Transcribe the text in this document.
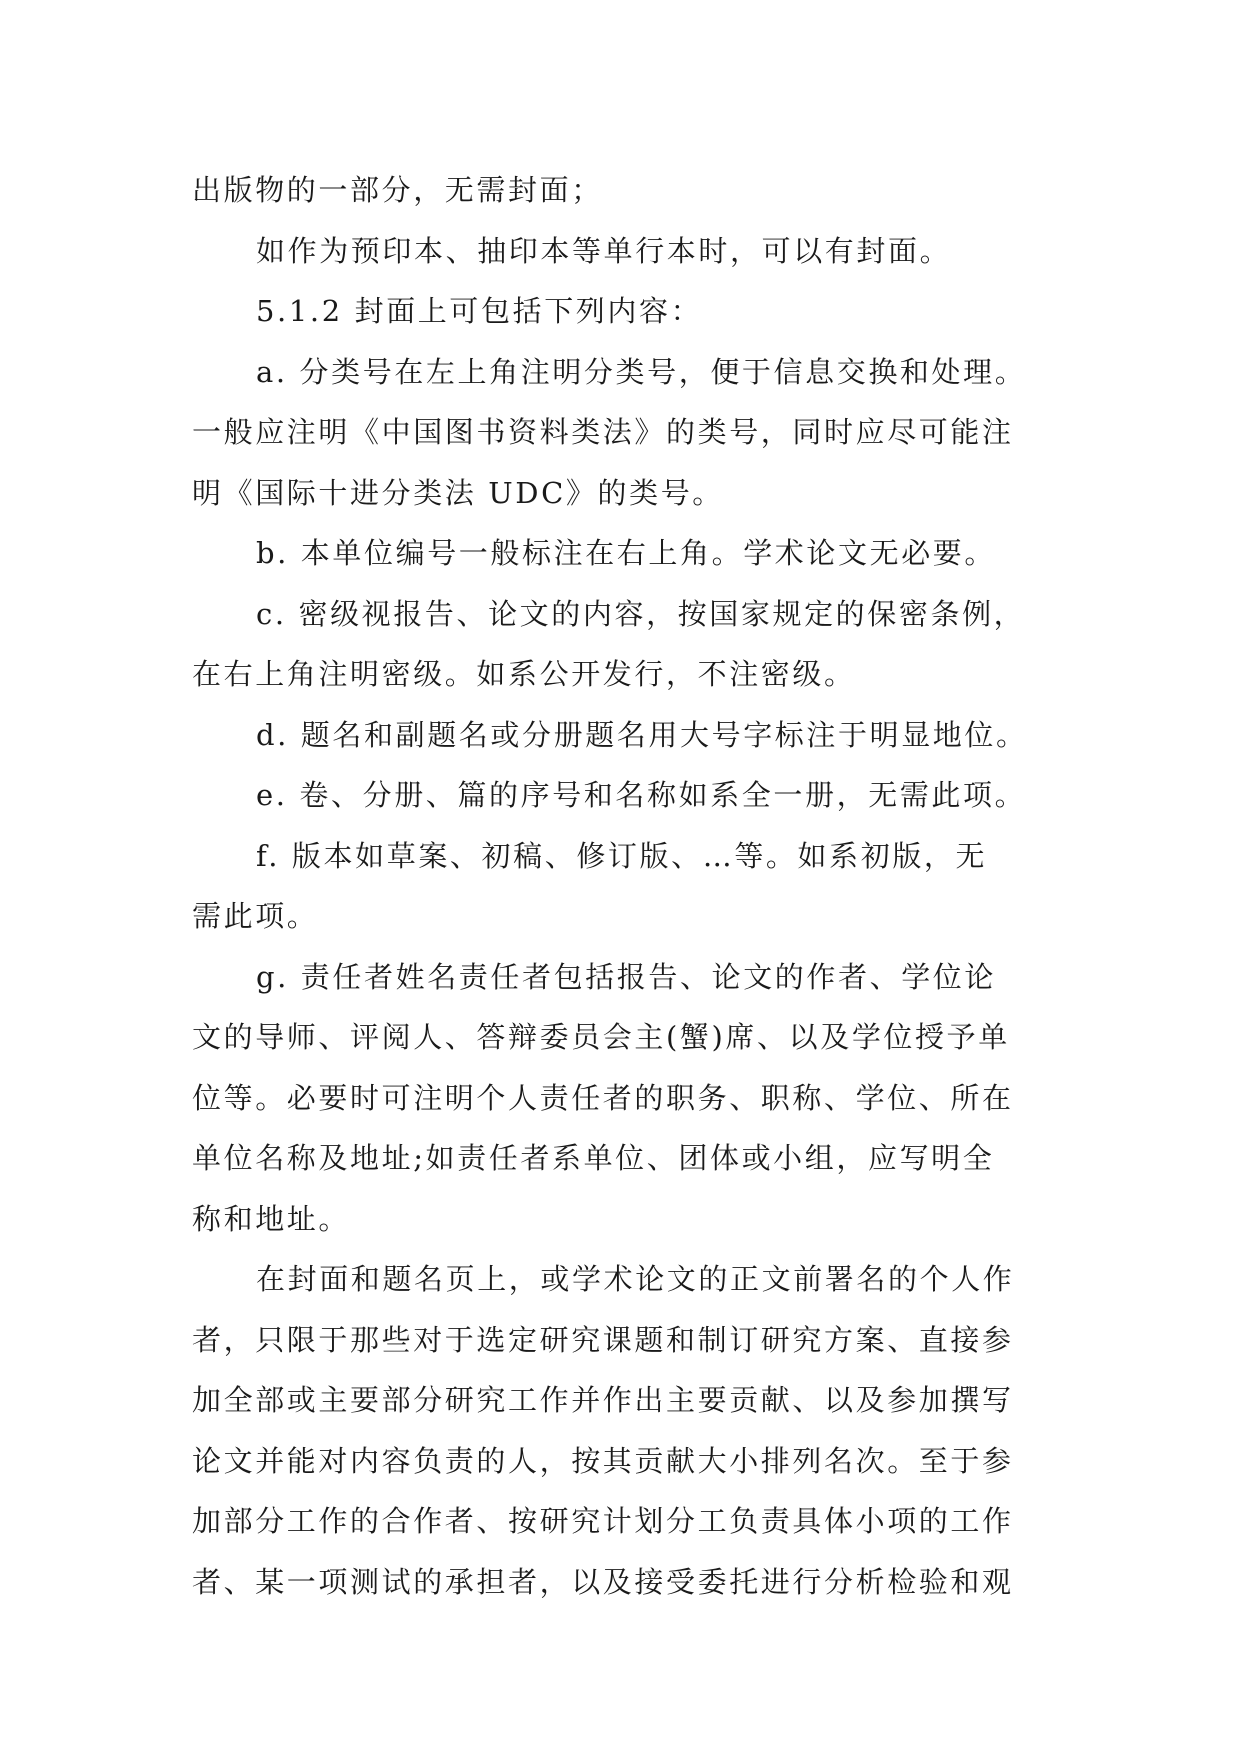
出版物的一部分，无需封面；
如作为预印本、抽印本等单行本时，可以有封面。
5.1.2 封面上可包括下列内容：
a. 分类号在左上角注明分类号，便于信息交换和处理。
一般应注明《中国图书资料类法》的类号，同时应尽可能注
明《国际十进分类法 UDC》的类号。
b. 本单位编号一般标注在右上角。学术论文无必要。
c. 密级视报告、论文的内容，按国家规定的保密条例，
在右上角注明密级。如系公开发行，不注密级。
d. 题名和副题名或分册题名用大号字标注于明显地位。
e. 卷、分册、篇的序号和名称如系全一册，无需此项。
f. 版本如草案、初稿、修订版、…等。如系初版，无
需此项。
g. 责任者姓名责任者包括报告、论文的作者、学位论
文的导师、评阅人、答辩委员会主(蟹)席、以及学位授予单
位等。必要时可注明个人责任者的职务、职称、学位、所在
单位名称及地址;如责任者系单位、团体或小组，应写明全
称和地址。
在封面和题名页上，或学术论文的正文前署名的个人作
者，只限于那些对于选定研究课题和制订研究方案、直接参
加全部或主要部分研究工作并作出主要贡献、以及参加撰写
论文并能对内容负责的人，按其贡献大小排列名次。至于参
加部分工作的合作者、按研究计划分工负责具体小项的工作
者、某一项测试的承担者，以及接受委托进行分析检验和观
